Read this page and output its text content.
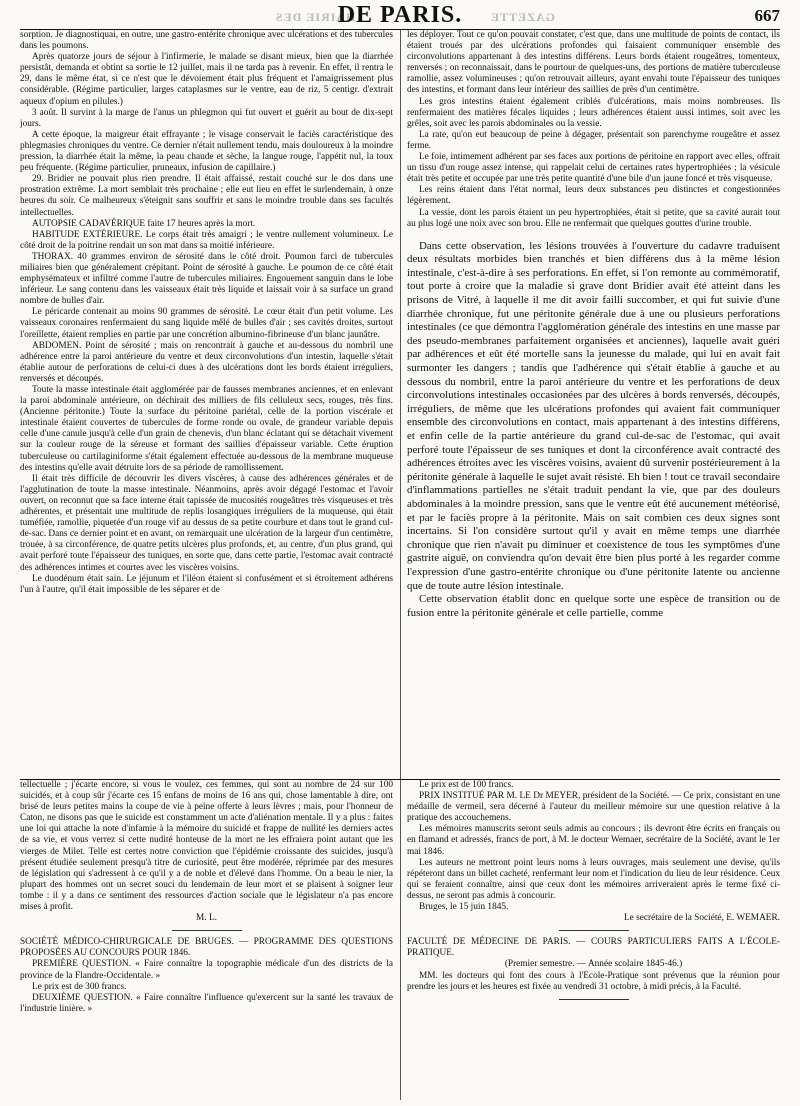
HAIRIE DES	GAZETTE
DE PARIS.	667

sorption. Je diagnostiquai, en outre, une gastro-entérite chronique avec ulcérations et des tubercules dans les poumons.

Après quatorze jours de séjour à l'infirmerie, le malade se disant mieux, bien que la diarrhée persistât, demanda et obtint sa sortie le 12 juillet, mais il ne tarda pas à revenir. En effet, il rentra le 29, dans le même état, si ce n'est que le dévoiement était plus fréquent et l'amaigrissement plus considérable. (Régime particulier, larges cataplasmes sur le ventre, eau de riz, 5 centigr. d'extrait aqueux d'opium en pilules.)

3 août. Il survint à la marge de l'anus un phlegmon qui fut ouvert et guérit au bout de dix-sept jours.

A cette époque, la maigreur était effrayante ; le visage conservait le faciès caractéristique des phlegmasies chroniques du ventre. Ce dernier n'était nullement tendu, mais douloureux à la moindre pression, la diarrhée était la même, la peau chaude et sèche, la langue rouge, l'appétit nul, la toux peu fréquente. (Régime particulier, pruneaux, infusion de capillaire.)

29. Bridier ne pouvait plus rien prendre. Il était affaissé, restait couché sur le dos dans une prostration extrême. La mort semblait très prochaine ; elle eut lieu en effet le surlendemain, à onze heures du soir. Ce malheureux s'éteignit sans souffrir et sans le moindre trouble dans ses facultés intellectuelles.

AUTOPSIE CADAVÉRIQUE faite 17 heures après la mort.

HABITUDE EXTÉRIEURE. Le corps était très amaigri ; le ventre nullement volumineux. Le côté droit de la poitrine rendait un son mat dans sa moitié inférieure.

THORAX. 40 grammes environ de sérosité dans le côté droit. Poumon farci de tubercules miliaires bien que généralement crépitant. Point de sérosité à gauche. Le poumon de ce côté était emphysémateux et infiltré comme l'autre de tubercules miliaires. Engouement sanguin dans le lobe inférieur. Le sang contenu dans les vaisseaux était très liquide et laissait voir à sa surface un grand nombre de bulles d'air.

Le péricarde contenait au moins 90 grammes de sérosité. Le cœur était d'un petit volume. Les vaisseaux coronaires renfermaient du sang liquide mêlé de bulles d'air ; ses cavités droites, surtout l'oreillette, étaient remplies en partie par une concrétion albumino-fibrineuse d'un blanc jaunâtre.

ABDOMEN. Point de sérosité ; mais on rencontrait à gauche et au-dessous du nombril une adhérence entre la paroi antérieure du ventre et deux circonvolutions d'un intestin, laquelle s'était établie autour de perforations de celui-ci dues à des ulcérations dont les bords étaient irréguliers, renversés et découpés.

Toute la masse intestinale était agglomérée par de fausses membranes anciennes, et en enlevant la paroi abdominale antérieure, on déchirait des milliers de fils celluleux secs, rouges, très fins. (Ancienne péritonite.) Toute la surface du péritoine pariétal, celle de la portion viscérale et intestinale étaient couvertes de tubercules de forme ronde ou ovale, de grandeur variable depuis celle d'une canule jusqu'à celle d'un grain de chenevis, d'un blanc éclatant qui se détachait vivement sur la couleur rouge de la séreuse et formant des saillies d'épaisseur variable. Cette éruption tuberculeuse ou cartilaginiforme s'était également effectuée au-dessous de la membrane muqueuse des intestins qu'elle avait détruite lors de sa période de ramollissement.

Il était très difficile de découvrir les divers viscères, à cause des adhérences générales et de l'agglutination de toute la masse intestinale. Néanmoins, après avoir dégagé l'estomac et l'avoir ouvert, on reconnut que sa face interne était tapissée de mucosités rougeâtres très visqueuses et très adhérentes, et présentait une multitude de replis losangiques irréguliers de la muqueuse, qui était tuméfiée, ramollie, piquetée d'un rouge vif au dessus de sa petite courbure et dans tout le grand cul-de-sac. Dans ce dernier point et en avant, on remarquait une ulcération de la largeur d'un centimètre, trouée, à sa circonférence, de quatre petits ulcères plus profonds, et, au centre, d'un plus grand, qui avait perforé toute l'épaisseur des tuniques, en sorte que, dans cette partie, l'estomac avait contracté des adhérences intimes et courtes avec les viscères voisins.

Le duodénum était sain. Le jéjunum et l'iléon étaient si confusément et si étroitement adhérens l'un à l'autre, qu'il était impossible de les séparer et de

les déployer. Tout ce qu'on pouvait constater, c'est que, dans une multitude de points de contact, ils étaient troués par des ulcérations profondes qui faisaient communiquer ensemble des circonvolutions appartenant à des intestins différens. Leurs bords étaient rougeâtres, tomenteux, renversés ; on reconnaissait, dans le pourtour de quelques-uns, des portions de matière tuberculeuse ramollie, assez volumineuses ; qu'on retrouvait ailleurs, ayant envahi toute l'épaisseur des tuniques des intestins, et formant dans leur intérieur des saillies de près d'un centimètre.

Les gros intestins étaient également criblés d'ulcérations, mais moins nombreuses. Ils renfermaient des matières fécales liquides ; leurs adhérences étaient aussi intimes, soit avec les grêles, soit avec les parois abdominales ou la vessie.

La rate, qu'on eut beaucoup de peine à dégager, présentait son parenchyme rougeâtre et assez ferme.

Le foie, intimement adhérent par ses faces aux portions de péritoine en rapport avec elles, offrait un tissu d'un rouge assez intense, qui rappelait celui de certaines rates hypertrophiées ; la vésicule était très petite et occupée par une très petite quantité d'une bile d'un jaune foncé et très visqueuse.

Les reins étaient dans l'état normal, leurs deux substances peu distinctes et congestionnées légèrement.

La vessie, dont les parois étaient un peu hypertrophiées, était si petite, que sa cavité aurait tout au plus logé une noix avec son brou. Elle ne renfermait que quelques gouttes d'urine trouble.

Dans cette observation, les lésions trouvées à l'ouverture du cadavre traduisent deux résultats morbides bien tranchés et bien différens dus à la même lésion intestinale, c'est-à-dire à ses perforations. En effet, si l'on remonte au commémoratif, tout porte à croire que la maladie si grave dont Bridier avait été atteint dans les prisons de Vitré, à laquelle il me dit avoir failli succomber, et qui fut suivie d'une diarrhée chronique, fut une péritonite générale due à une ou plusieurs perforations intestinales (ce que démontra l'agglomération générale des intestins en une masse par des pseudo-membranes parfaitement organisées et anciennes), laquelle avait guéri par adhérences et eût été mortelle sans la jeunesse du malade, qui lui en avait fait surmonter les dangers ; tandis que l'adhérence qui s'était établie à gauche et au dessous du nombril, entre la paroi antérieure du ventre et les perforations de deux circonvolutions intestinales occasionées par des ulcères à bords renversés, découpés, irréguliers, de même que les ulcérations profondes qui avaient fait communiquer ensemble des circonvolutions en contact, mais appartenant à des intestins différens, et enfin celle de la partie antérieure du grand cul-de-sac de l'estomac, qui avait perforé toute l'épaisseur de ses tuniques et dont la circonférence avait contracté des adhérences étroites avec les viscères voisins, avaient dû survenir postérieurement à la péritonite générale à laquelle le sujet avait résisté. Eh bien ! tout ce travail secondaire d'inflammations partielles ne s'était traduit pendant la vie, que par des douleurs abdominales à la moindre pression, sans que le ventre eût été aucunement météorisé, et par le faciès propre à la péritonite. Mais on sait combien ces deux signes sont incertains. Si l'on considère surtout qu'il y avait en même temps une diarrhée chronique que rien n'avait pu diminuer et coexistence de tous les symptômes d'une gastrite aiguë, on conviendra qu'on devait être bien plus porté à les regarder comme l'expression d'une gastro-entérite chronique ou d'une péritonite latente ou ancienne que de toute autre lésion intestinale.

Cette observation établit donc en quelque sorte une espèce de transition ou de fusion entre la péritonite générale et celle partielle, comme

tellectuelle ; j'écarte encore, si vous le voulez, ces femmes, qui sont au nombre de 24 sur 100 suicidés, et à coup sûr j'écarte ces 15 enfans de moins de 16 ans qui, chose lamentable à dire, ont brisé de leurs petites mains la coupe de vie à peine offerte à leurs lèvres ; mais, pour l'honneur de Caton, ne disons pas que le suicide est constamment un acte d'aliénation mentale. Il y a plus : faites une loi qui attache la note d'infamie à la mémoire du suicidé et frappe de nullité les derniers actes de sa vie, et vous verrez si cette nudité honteuse de la mort ne les effraiera point autant que les vierges de Milet. Telle est certes notre conviction que l'épidémie croissante des suicides, jusqu'à présent étudiée seulement presqu'à titre de curiosité, peut être modérée, réprimée par des mesures de législation qui s'adressent à ce qu'il y a de noble et d'élevé dans l'homme. On a beau le nier, la plupart des hommes ont un secret souci du lendemain de leur mort et se plaisent à soigner leur tombe : il y a dans ce sentiment des ressources d'action sociale que le législateur n'a pas encore mises à profit.

M. L.

SOCIÉTÉ MÉDICO-CHIRURGICALE DE BRUGES. — PROGRAMME DES QUESTIONS PROPOSÉES AU CONCOURS POUR 1846.

PREMIÈRE QUESTION. « Faire connaître la topographie médicale d'un des districts de la province de la Flandre-Occidentale. »

Le prix est de 300 francs.

DEUXIÈME QUESTION. « Faire connaître l'influence qu'exercent sur la santé les travaux de l'industrie linière. »

Le prix est de 100 francs.

PRIX INSTITUÉ PAR M. LE Dr MEYER, président de la Société. — Ce prix, consistant en une médaille de vermeil, sera décerné à l'auteur du meilleur mémoire sur une question relative à la pratique des accouchemens.

Les mémoires manuscrits seront seuls admis au concours ; ils devront être écrits en français ou en flamand et adressés, francs de port, à M. le docteur Wemaer, secrétaire de la Société, avant le 1er mai 1846.

Les auteurs ne mettront point leurs noms à leurs ouvrages, mais seulement une devise, qu'ils répéteront dans un billet cacheté, renfermant leur nom et l'indication du lieu de leur résidence. Ceux qui se feraient connaître, ainsi que ceux dont les mémoires arriveraient après le terme fixé ci-dessus, ne seront pas admis à concourir.

Bruges, le 15 juin 1845.

Le secrétaire de la Société, E. WEMAER.

FACULTÉ DE MÉDECINE DE PARIS. — COURS PARTICULIERS FAITS A L'ÉCOLE-PRATIQUE.

(Premier semestre. — Année scolaire 1845-46.)

MM. les docteurs qui font des cours à l'Ecole-Pratique sont prévenus que la réunion pour prendre les jours et les heures est fixée au vendredi 31 octobre, à midi précis, à la Faculté.
